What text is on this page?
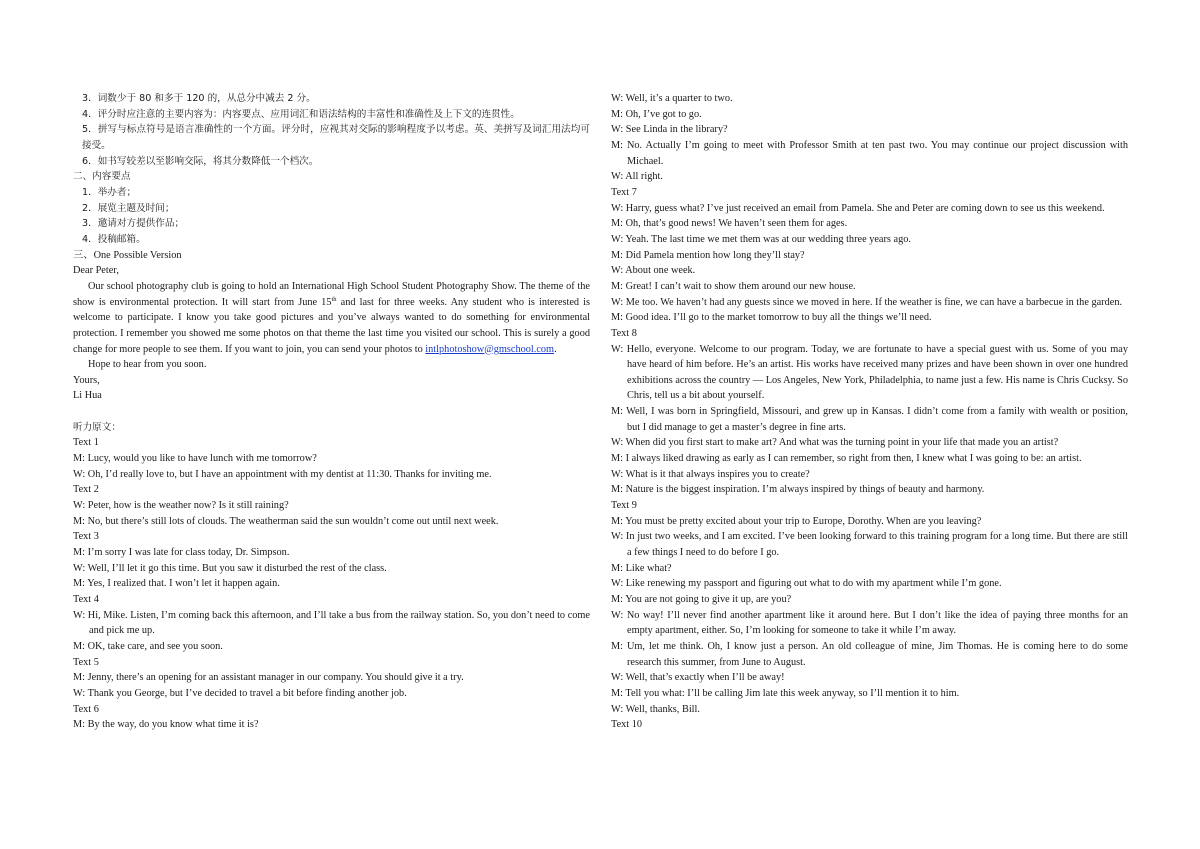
3．词数少于 80 和多于 120 的，从总分中减去 2 分。

4．评分时应注意的主要内容为：内容要点、应用词汇和语法结构的丰富性和准确性及上下文的连贯性。

5．拼写与标点符号是语言准确性的一个方面。评分时，应视其对交际的影响程度予以考虑。英、美拼写及词汇用法均可接受。

6．如书写较差以至影响交际，将其分数降低一个档次。

二、内容要点

1．举办者；

2．展览主题及时间；

3．邀请对方提供作品；

4．投稿邮箱。

三、One Possible Version

Dear Peter,

Our school photography club is going to hold an International High School Student Photography Show. The theme of the show is environmental protection. It will start from June 15th and last for three weeks. Any student who is interested is welcome to participate. I know you take good pictures and you’ve always wanted to do something for environmental protection. I remember you showed me some photos on that theme the last time you visited our school. This is surely a good change for more people to see them. If you want to join, you can send your photos to intlphotoshow@gmschool.com.

Hope to hear from you soon.

Yours,

Li Hua

听力原文：

Text 1

M: Lucy, would you like to have lunch with me tomorrow?

W: Oh, I’d really love to, but I have an appointment with my dentist at 11:30. Thanks for inviting me.

Text 2

W: Peter, how is the weather now? Is it still raining?

M: No, but there’s still lots of clouds. The weatherman said the sun wouldn’t come out until next week.

Text 3

M: I’m sorry I was late for class today, Dr. Simpson.

W: Well, I’ll let it go this time. But you saw it disturbed the rest of the class.

M: Yes, I realized that. I won’t let it happen again.

Text 4

W: Hi, Mike. Listen, I’m coming back this afternoon, and I’ll take a bus from the railway station. So, you don’t need to come and pick me up.

M: OK, take care, and see you soon.

Text 5

M: Jenny, there’s an opening for an assistant manager in our company. You should give it a try.

W: Thank you George, but I’ve decided to travel a bit before finding another job.

Text 6

M: By the way, do you know what time it is?

W: Well, it’s a quarter to two.

M: Oh, I’ve got to go.

W: See Linda in the library?

M: No. Actually I’m going to meet with Professor Smith at ten past two. You may continue our project discussion with Michael.

W: All right.

Text 7

W: Harry, guess what? I’ve just received an email from Pamela. She and Peter are coming down to see us this weekend.

M: Oh, that’s good news! We haven’t seen them for ages.

W: Yeah. The last time we met them was at our wedding three years ago.

M: Did Pamela mention how long they’ll stay?

W: About one week.

M: Great! I can’t wait to show them around our new house.

W: Me too. We haven’t had any guests since we moved in here. If the weather is fine, we can have a barbecue in the garden.

M: Good idea. I’ll go to the market tomorrow to buy all the things we’ll need.

Text 8

W: Hello, everyone. Welcome to our program. Today, we are fortunate to have a special guest with us. Some of you may have heard of him before. He’s an artist. His works have received many prizes and have been shown in over one hundred exhibitions across the country — Los Angeles, New York, Philadelphia, to name just a few. His name is Chris Cucksy. So Chris, tell us a bit about yourself.

M: Well, I was born in Springfield, Missouri, and grew up in Kansas. I didn’t come from a family with wealth or position, but I did manage to get a master’s degree in fine arts.

W: When did you first start to make art? And what was the turning point in your life that made you an artist?

M: I always liked drawing as early as I can remember, so right from then, I knew what I was going to be: an artist.

W: What is it that always inspires you to create?

M: Nature is the biggest inspiration. I’m always inspired by things of beauty and harmony.

Text 9

M: You must be pretty excited about your trip to Europe, Dorothy. When are you leaving?

W: In just two weeks, and I am excited. I’ve been looking forward to this training program for a long time. But there are still a few things I need to do before I go.

M: Like what?

W: Like renewing my passport and figuring out what to do with my apartment while I’m gone.

M: You are not going to give it up, are you?

W: No way! I’ll never find another apartment like it around here. But I don’t like the idea of paying three months for an empty apartment, either. So, I’m looking for someone to take it while I’m away.

M: Um, let me think. Oh, I know just a person. An old colleague of mine, Jim Thomas. He is coming here to do some research this summer, from June to August.

W: Well, that’s exactly when I’ll be away!

M: Tell you what: I’ll be calling Jim late this week anyway, so I’ll mention it to him.

W: Well, thanks, Bill.

Text 10
